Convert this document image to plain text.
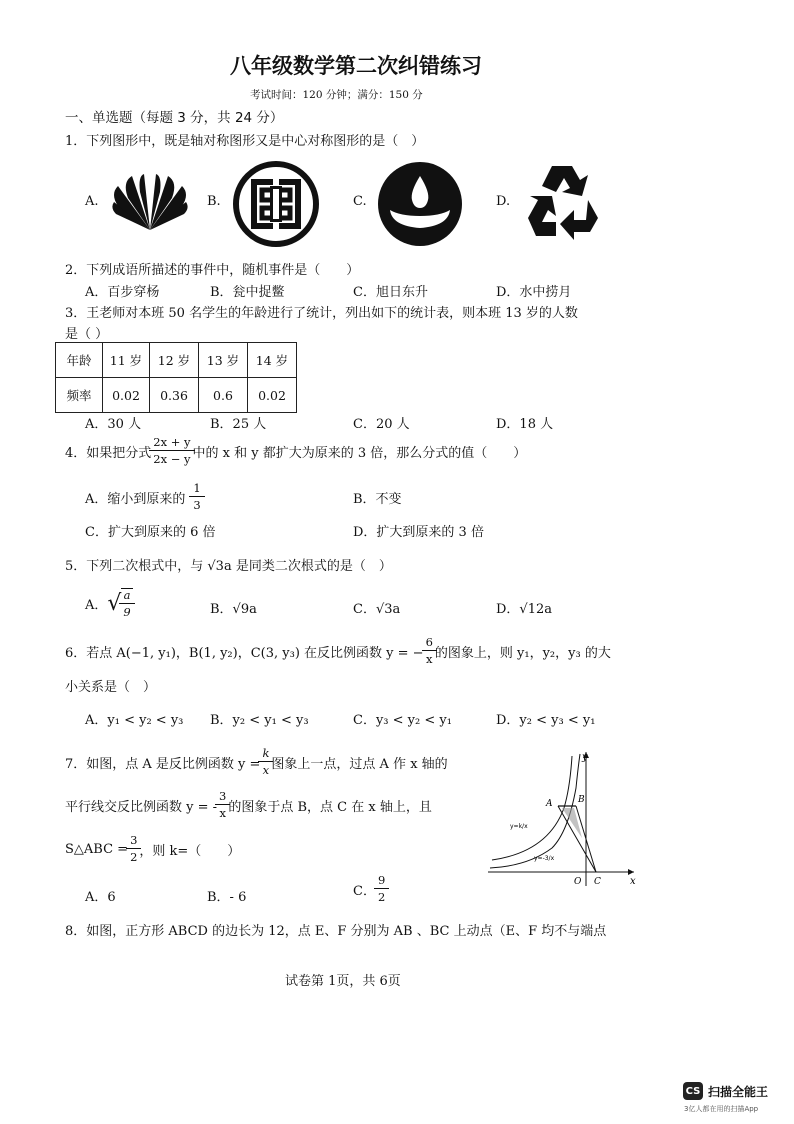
八年级数学第二次纠错练习
考试时间：120 分钟；满分：150 分
一、单选题（每题 3 分，共 24 分）
1．下列图形中，既是轴对称图形又是中心对称图形的是（　）
A.	B.	C.	D.
2．下列成语所描述的事件中，随机事件是（　　）
A．百步穿杨	B．瓮中捉鳖	C．旭日东升	D．水中捞月
3．王老师对本班 50 名学生的年龄进行了统计，列出如下的统计表，则本班 13 岁的人数
是（ ）
年龄	11 岁	12 岁	13 岁	14 岁
频率	0.02	0.36	0.6	0.02
A．30 人	B．25 人	C．20 人	D．18 人
4．如果把分式 $\frac{2x + y}{2x - y}$ 中的 x 和 y 都扩大为原来的 3 倍，那么分式的值（　　）
A．缩小到原来的 $\frac{1}{3}$	B．不变
C．扩大到原来的 6 倍	D．扩大到原来的 3 倍
5．下列二次根式中，与 √3a 是同类二次根式的是（　）
A． √ $\frac{a}{9}$	B．√9a	C．√3a	D．√12a
6．若点 A(−1, y₁)，B(1, y₂)，C(3, y₃) 在反比例函数 y = − $\frac{6}{x}$ 的图象上，则 y₁，y₂，y₃ 的大
小关系是（　）
A．y₁ < y₂ < y₃ B．y₂ < y₁ < y₃	C．y₃ < y₂ < y₁	D．y₂ < y₃ < y₁
7．如图，点 A 是反比例函数 $y = \frac{k}{x}$ 图象上一点，过点 A 作 x 轴的
平行线交反比例函数 y = - $\frac{3}{x}$ 的图象于点 B，点 C 在 x 轴上，且
S△ABC = $\frac{3}{2}$ ，则 k=（　　）
A．6	B．- 6	C． $\frac{9}{2}$
y
x
A	B
O C
y=k/x
y=-3/x
8．如图，正方形 ABCD 的边长为 12，点 E、F 分别为 AB 、BC 上动点（E、F 均不与端点
试卷第 1页，共 6页
CS 扫描全能王
3亿人都在用的扫描App
